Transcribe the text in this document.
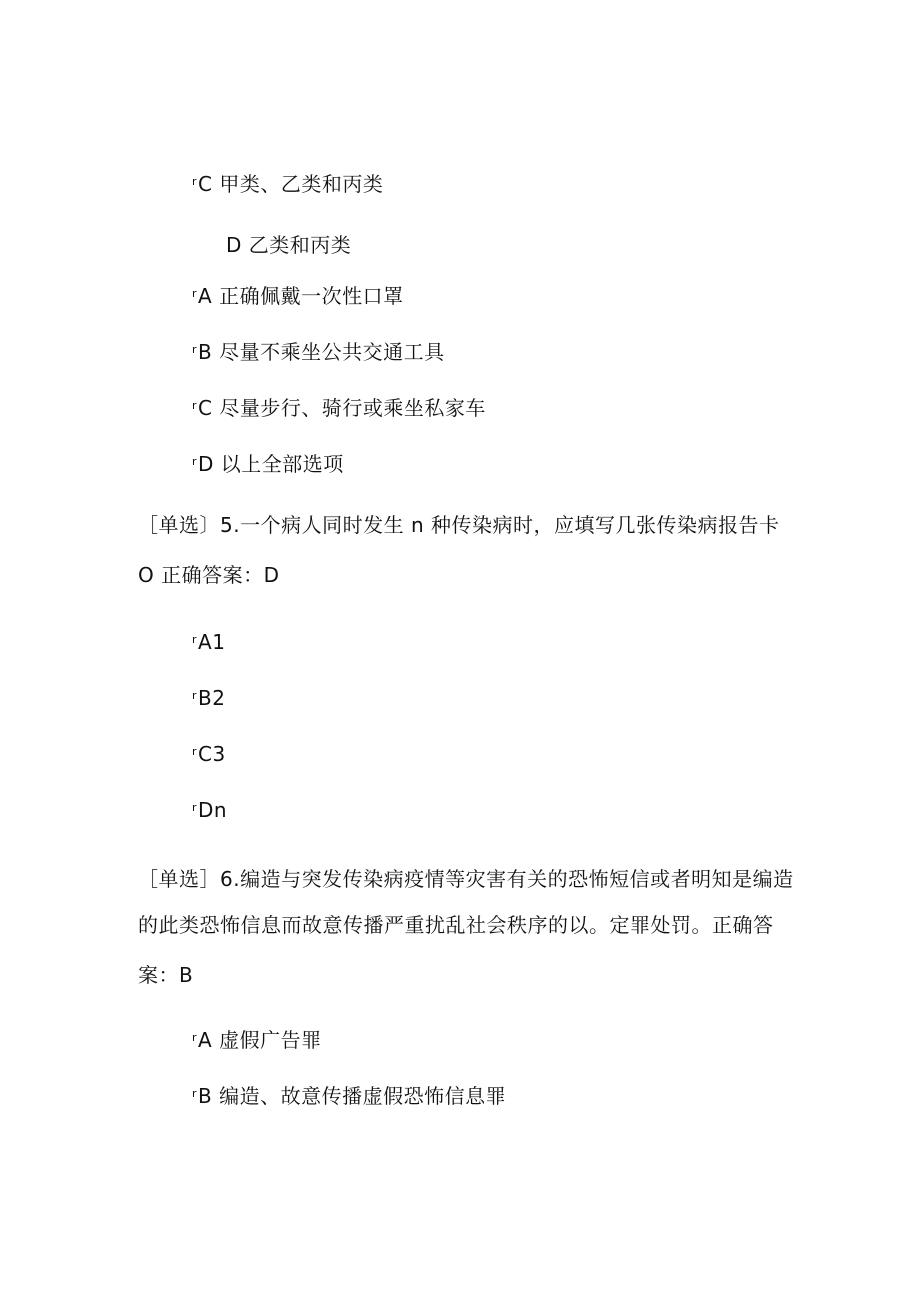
$^r$C 甲类、乙类和丙类
D 乙类和丙类
$^r$A 正确佩戴一次性口罩
$^r$B 尽量不乘坐公共交通工具
$^r$C 尽量步行、骑行或乘坐私家车
$^r$D 以上全部选项
［单选〕5.一个病人同时发生 n 种传染病时，应填写几张传染病报告卡
O 正确答案：D
$^r$A1
$^r$B2
$^r$C3
$^r$Dn
［单选］6.编造与突发传染病疫情等灾害有关的恐怖短信或者明知是编造
的此类恐怖信息而故意传播严重扰乱社会秩序的以。定罪处罚。正确答
案：B
$^r$A 虚假广告罪
$^r$B 编造、故意传播虚假恐怖信息罪
